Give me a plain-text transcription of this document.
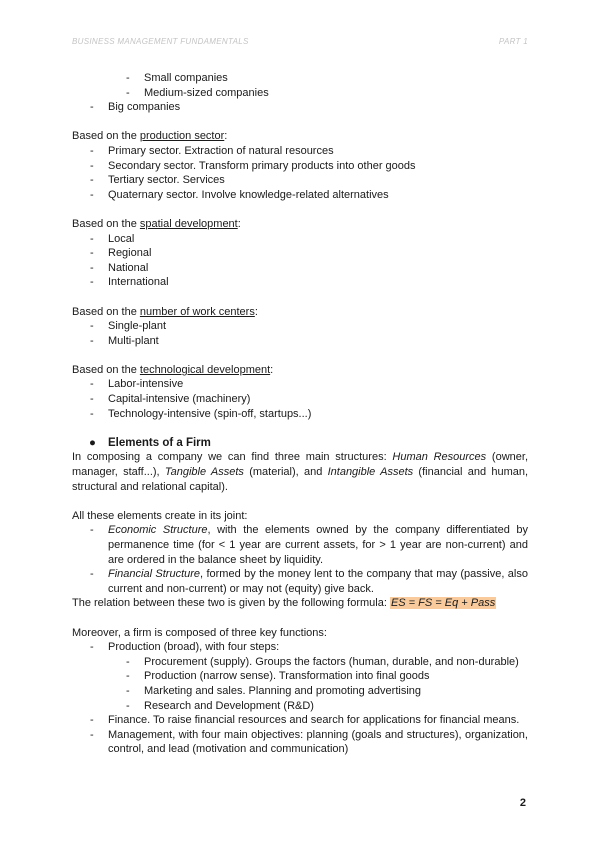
BUSINESS MANAGEMENT FUNDAMENTALS	PART 1
- Small companies
- Medium-sized companies
- Big companies

Based on the production sector:

- Primary sector. Extraction of natural resources
- Secondary sector. Transform primary products into other goods
- Tertiary sector. Services
- Quaternary sector. Involve knowledge-related alternatives

Based on the spatial development:

- Local
- Regional
- National
- International

Based on the number of work centers:

- Single-plant
- Multi-plant

Based on the technological development:

- Labor-intensive
- Capital-intensive (machinery)
- Technology-intensive (spin-off, startups...)
● Elements of a Firm

In composing a company we can find three main structures: Human Resources (owner, manager, staff...), Tangible Assets (material), and Intangible Assets (financial and human, structural and relational capital).

All these elements create in its joint:

- Economic Structure, with the elements owned by the company differentiated by permanence time (for < 1 year are current assets, for > 1 year are non-current) and are ordered in the balance sheet by liquidity.
- Financial Structure, formed by the money lent to the company that may (passive, also current and non-current) or may not (equity) give back.

The relation between these two is given by the following formula: ES = FS = Eq + Pass

Moreover, a firm is composed of three key functions:

- Production (broad), with four steps:
- Procurement (supply). Groups the factors (human, durable, and non-durable)
- Production (narrow sense). Transformation into final goods
- Marketing and sales. Planning and promoting advertising
- Research and Development (R&D)
- Finance. To raise financial resources and search for applications for financial means.
- Management, with four main objectives: planning (goals and structures), organization, control, and lead (motivation and communication)
2
